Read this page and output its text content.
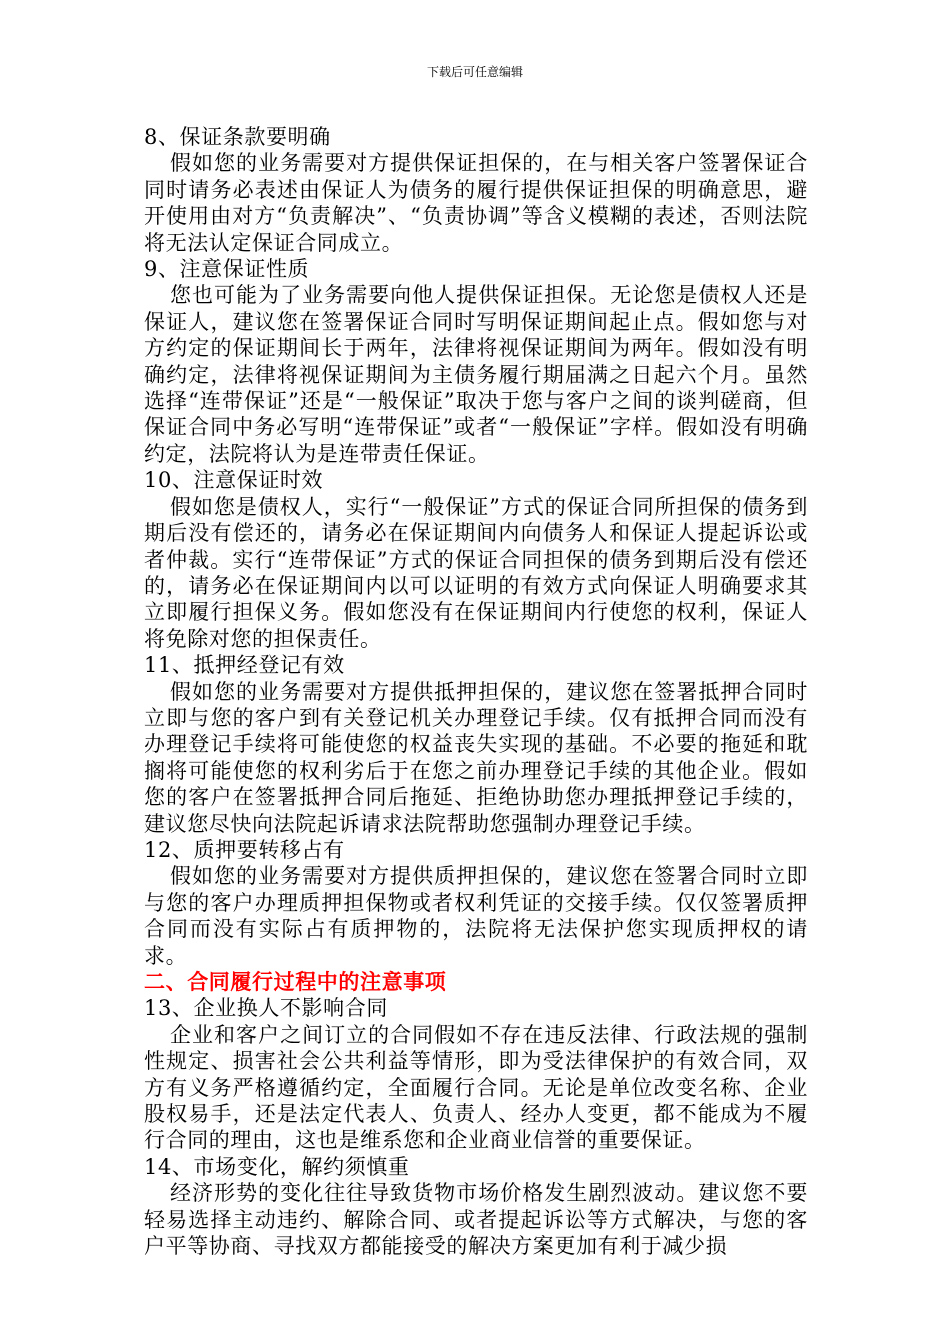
下载后可任意编辑

8、保证条款要明确

假如您的业务需要对方提供保证担保的，在与相关客户签署保证合同时请务必表述由保证人为债务的履行提供保证担保的明确意思，避开使用由对方“负责解决”、“负责协调”等含义模糊的表述，否则法院将无法认定保证合同成立。

9、注意保证性质

您也可能为了业务需要向他人提供保证担保。无论您是债权人还是保证人，建议您在签署保证合同时写明保证期间起止点。假如您与对方约定的保证期间长于两年，法律将视保证期间为两年。假如没有明确约定，法律将视保证期间为主债务履行期届满之日起六个月。虽然选择“连带保证”还是“一般保证”取决于您与客户之间的谈判磋商，但保证合同中务必写明“连带保证”或者“一般保证”字样。假如没有明确约定，法院将认为是连带责任保证。

10、注意保证时效

假如您是债权人，实行“一般保证”方式的保证合同所担保的债务到期后没有偿还的，请务必在保证期间内向债务人和保证人提起诉讼或者仲裁。实行“连带保证”方式的保证合同担保的债务到期后没有偿还的，请务必在保证期间内以可以证明的有效方式向保证人明确要求其立即履行担保义务。假如您没有在保证期间内行使您的权利，保证人将免除对您的担保责任。

11、抵押经登记有效

假如您的业务需要对方提供抵押担保的，建议您在签署抵押合同时立即与您的客户到有关登记机关办理登记手续。仅有抵押合同而没有办理登记手续将可能使您的权益丧失实现的基础。不必要的拖延和耽搁将可能使您的权利劣后于在您之前办理登记手续的其他企业。假如您的客户在签署抵押合同后拖延、拒绝协助您办理抵押登记手续的，建议您尽快向法院起诉请求法院帮助您强制办理登记手续。

12、质押要转移占有

假如您的业务需要对方提供质押担保的，建议您在签署合同时立即与您的客户办理质押担保物或者权利凭证的交接手续。仅仅签署质押合同而没有实际占有质押物的，法院将无法保护您实现质押权的请求。

二、合同履行过程中的注意事项

13、企业换人不影响合同

企业和客户之间订立的合同假如不存在违反法律、行政法规的强制性规定、损害社会公共利益等情形，即为受法律保护的有效合同，双方有义务严格遵循约定，全面履行合同。无论是单位改变名称、企业股权易手，还是法定代表人、负责人、经办人变更，都不能成为不履行合同的理由，这也是维系您和企业商业信誉的重要保证。

14、市场变化，解约须慎重

经济形势的变化往往导致货物市场价格发生剧烈波动。建议您不要轻易选择主动违约、解除合同、或者提起诉讼等方式解决，与您的客户平等协商、寻找双方都能接受的解决方案更加有利于减少损
